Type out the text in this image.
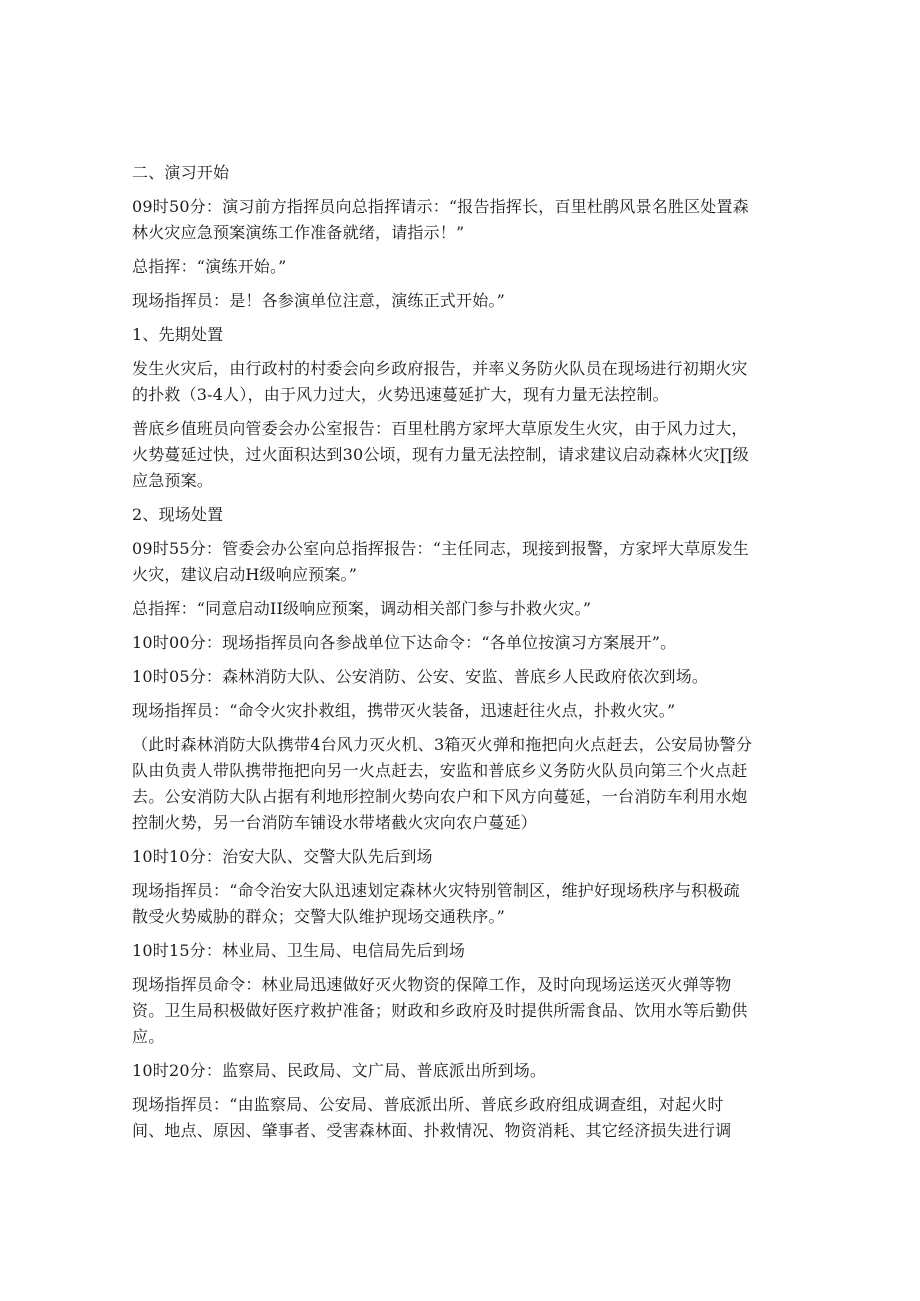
二、演习开始

09时50分：演习前方指挥员向总指挥请示：“报告指挥长，百里杜鹃风景名胜区处置森
林火灾应急预案演练工作准备就绪，请指示！”

总指挥：“演练开始。”

现场指挥员：是！各参演单位注意，演练正式开始。”

1、先期处置

发生火灾后，由行政村的村委会向乡政府报告，并率义务防火队员在现场进行初期火灾
的扑救（3-4人），由于风力过大，火势迅速蔓延扩大，现有力量无法控制。

普底乡值班员向管委会办公室报告：百里杜鹃方家坪大草原发生火灾，由于风力过大，
火势蔓延过快，过火面积达到30公顷，现有力量无法控制，请求建议启动森林火灾∏级
应急预案。

2、现场处置

09时55分：管委会办公室向总指挥报告：“主任同志，现接到报警，方家坪大草原发生
火灾，建议启动H级响应预案。”

总指挥：“同意启动II级响应预案，调动相关部门参与扑救火灾。”

10时00分：现场指挥员向各参战单位下达命令：“各单位按演习方案展开”。

10时05分：森林消防大队、公安消防、公安、安监、普底乡人民政府依次到场。

现场指挥员：“命令火灾扑救组，携带灭火装备，迅速赶往火点，扑救火灾。”

（此时森林消防大队携带4台风力灭火机、3箱灭火弹和拖把向火点赶去，公安局协警分
队由负责人带队携带拖把向另一火点赶去，安监和普底乡义务防火队员向第三个火点赶
去。公安消防大队占据有利地形控制火势向农户和下风方向蔓延，一台消防车利用水炮
控制火势，另一台消防车铺设水带堵截火灾向农户蔓延）

10时10分：治安大队、交警大队先后到场

现场指挥员：“命令治安大队迅速划定森林火灾特别管制区，维护好现场秩序与积极疏
散受火势威胁的群众；交警大队维护现场交通秩序。”

10时15分：林业局、卫生局、电信局先后到场

现场指挥员命令：林业局迅速做好灭火物资的保障工作，及时向现场运送灭火弹等物
资。卫生局积极做好医疗救护准备；财政和乡政府及时提供所需食品、饮用水等后勤供
应。

10时20分：监察局、民政局、文广局、普底派出所到场。

现场指挥员：“由监察局、公安局、普底派出所、普底乡政府组成调查组，对起火时
间、地点、原因、肇事者、受害森林面、扑救情况、物资消耗、其它经济损失进行调
